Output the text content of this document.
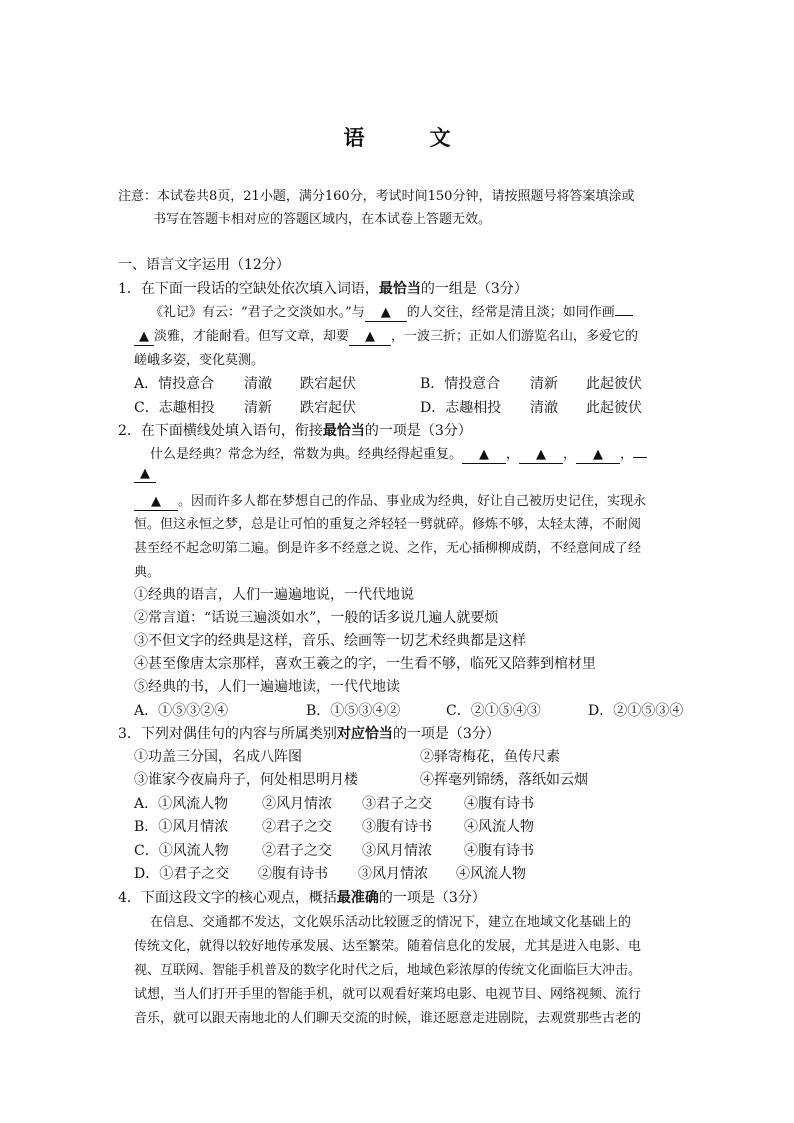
语　文
注意：本试卷共8页，21小题，满分160分，考试时间150分钟，请按照题号将答案填涂或
书写在答题卡相对应的答题区域内，在本试卷上答题无效。
一、语言文字运用（12分）
1．在下面一段话的空缺处依次填入词语，最恰当的一组是（3分）
《礼记》有云：“君子之交淡如水。”与 ▲ 的人交往，经常是清且淡；如同作画
▲ 淡雅，才能耐看。但写文章，却要 ▲ ，一波三折；正如人们游览名山，多爱它的
嵯峨多姿，变化莫测。
A．情投意合	清澈	跌宕起伏	B．情投意合	清新	此起彼伏
C．志趣相投	清新	跌宕起伏	D．志趣相投	清澈	此起彼伏
2．在下面横线处填入语句，衔接最恰当的一项是（3分）
什么是经典？常念为经，常数为典。经典经得起重复。 ▲ ， ▲ ， ▲ ，
▲
▲ 。因而许多人都在梦想自己的作品、事业成为经典，好让自己被历史记住，实现永
恒。但这永恒之梦，总是让可怕的重复之斧轻轻一劈就碎。修炼不够，太轻太薄，不耐阅
甚至经不起念叨第二遍。倒是许多不经意之说、之作，无心插柳柳成荫，不经意间成了经
典。
①经典的语言，人们一遍遍地说，一代代地说
②常言道：“话说三遍淡如水”，一般的话多说几遍人就要烦
③不但文字的经典是这样，音乐、绘画等一切艺术经典都是这样
④甚至像唐太宗那样，喜欢王羲之的字，一生看不够，临死又陪葬到棺材里
⑤经典的书，人们一遍遍地读，一代代地读
A．①⑤③②④	B．①⑤③④②	C．②①⑤④③	D．②①⑤③④
3．下列对偶佳句的内容与所属类别对应恰当的一项是（3分）
①功盖三分国，名成八阵图	②驿寄梅花，鱼传尺素
③谁家今夜扁舟子，何处相思明月楼	④挥毫列锦绣，落纸如云烟
A．①风流人物	②风月情浓	③君子之交	④腹有诗书
B．①风月情浓	②君子之交	③腹有诗书	④风流人物
C．①风流人物	②君子之交	③风月情浓	④腹有诗书
D．①君子之交	②腹有诗书	③风月情浓	④风流人物
4．下面这段文字的核心观点，概括最准确的一项是（3分）
在信息、交通都不发达，文化娱乐活动比较匮乏的情况下，建立在地域文化基础上的
传统文化，就得以较好地传承发展、达至繁荣。随着信息化的发展，尤其是进入电影、电
视、互联网、智能手机普及的数字化时代之后，地域色彩浓厚的传统文化面临巨大冲击。
试想，当人们打开手里的智能手机，就可以观看好莱坞电影、电视节目、网络视频、流行
音乐，就可以跟天南地北的人们聊天交流的时候，谁还愿意走进剧院，去观赏那些古老的
